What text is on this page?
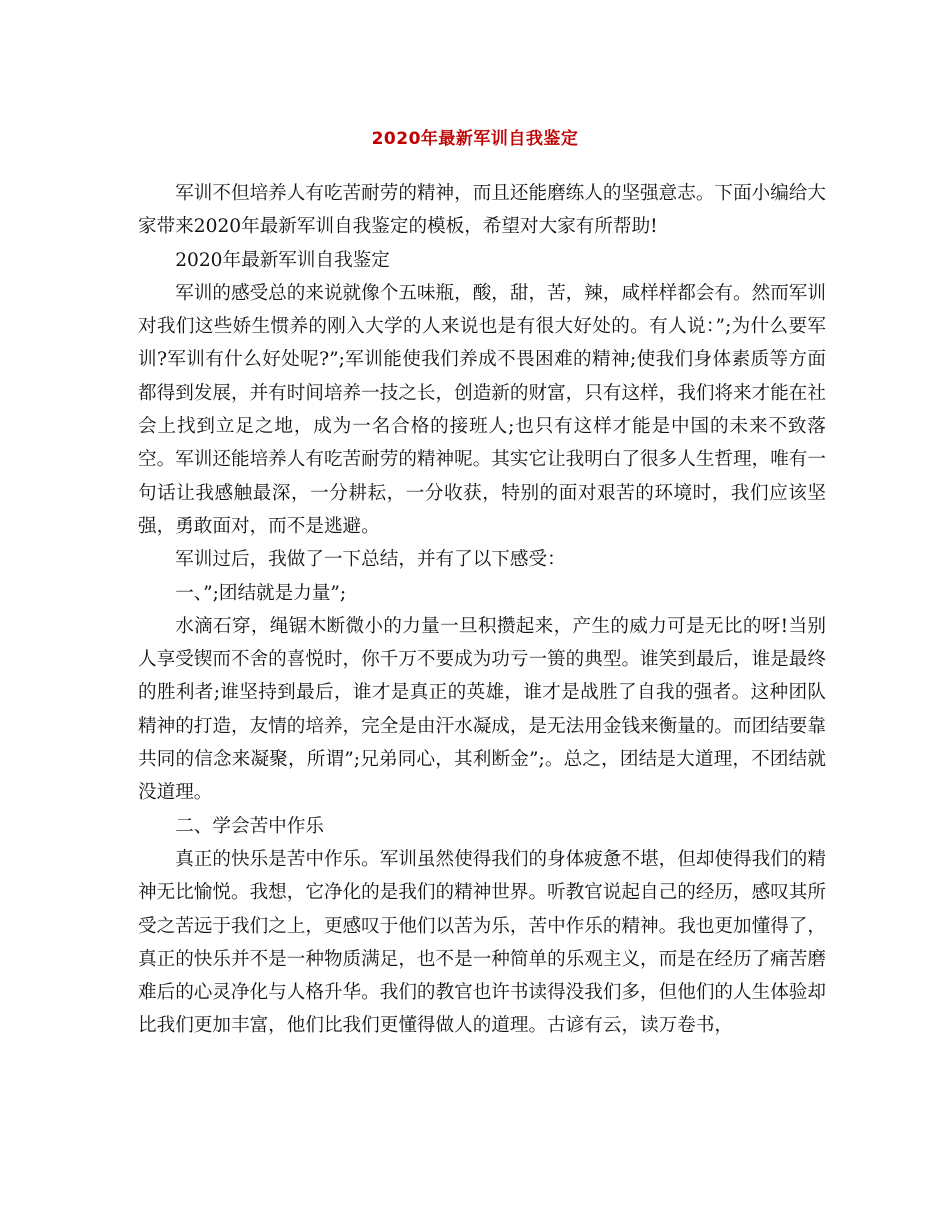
2020年最新军训自我鉴定

军训不但培养人有吃苦耐劳的精神，而且还能磨练人的坚强意志。下面小编给大家带来2020年最新军训自我鉴定的模板，希望对大家有所帮助!

2020年最新军训自我鉴定

军训的感受总的来说就像个五味瓶，酸，甜，苦，辣，咸样样都会有。然而军训对我们这些娇生惯养的刚入大学的人来说也是有很大好处的。有人说：”;为什么要军训?军训有什么好处呢?”;军训能使我们养成不畏困难的精神;使我们身体素质等方面都得到发展，并有时间培养一技之长，创造新的财富，只有这样，我们将来才能在社会上找到立足之地，成为一名合格的接班人;也只有这样才能是中国的未来不致落空。军训还能培养人有吃苦耐劳的精神呢。其实它让我明白了很多人生哲理，唯有一句话让我感触最深，一分耕耘，一分收获，特别的面对艰苦的环境时，我们应该坚强，勇敢面对，而不是逃避。

军训过后，我做了一下总结，并有了以下感受：

一、”;团结就是力量”;

水滴石穿，绳锯木断微小的力量一旦积攒起来，产生的威力可是无比的呀!当别人享受锲而不舍的喜悦时，你千万不要成为功亏一篑的典型。谁笑到最后，谁是最终的胜利者;谁坚持到最后，谁才是真正的英雄，谁才是战胜了自我的强者。这种团队精神的打造，友情的培养，完全是由汗水凝成，是无法用金钱来衡量的。而团结要靠共同的信念来凝聚，所谓”;兄弟同心，其利断金”;。总之，团结是大道理，不团结就没道理。

二、学会苦中作乐

真正的快乐是苦中作乐。军训虽然使得我们的身体疲惫不堪，但却使得我们的精神无比愉悦。我想，它净化的是我们的精神世界。听教官说起自己的经历，感叹其所受之苦远于我们之上，更感叹于他们以苦为乐，苦中作乐的精神。我也更加懂得了，真正的快乐并不是一种物质满足，也不是一种简单的乐观主义，而是在经历了痛苦磨难后的心灵净化与人格升华。我们的教官也许书读得没我们多，但他们的人生体验却比我们更加丰富，他们比我们更懂得做人的道理。古谚有云，读万卷书，
